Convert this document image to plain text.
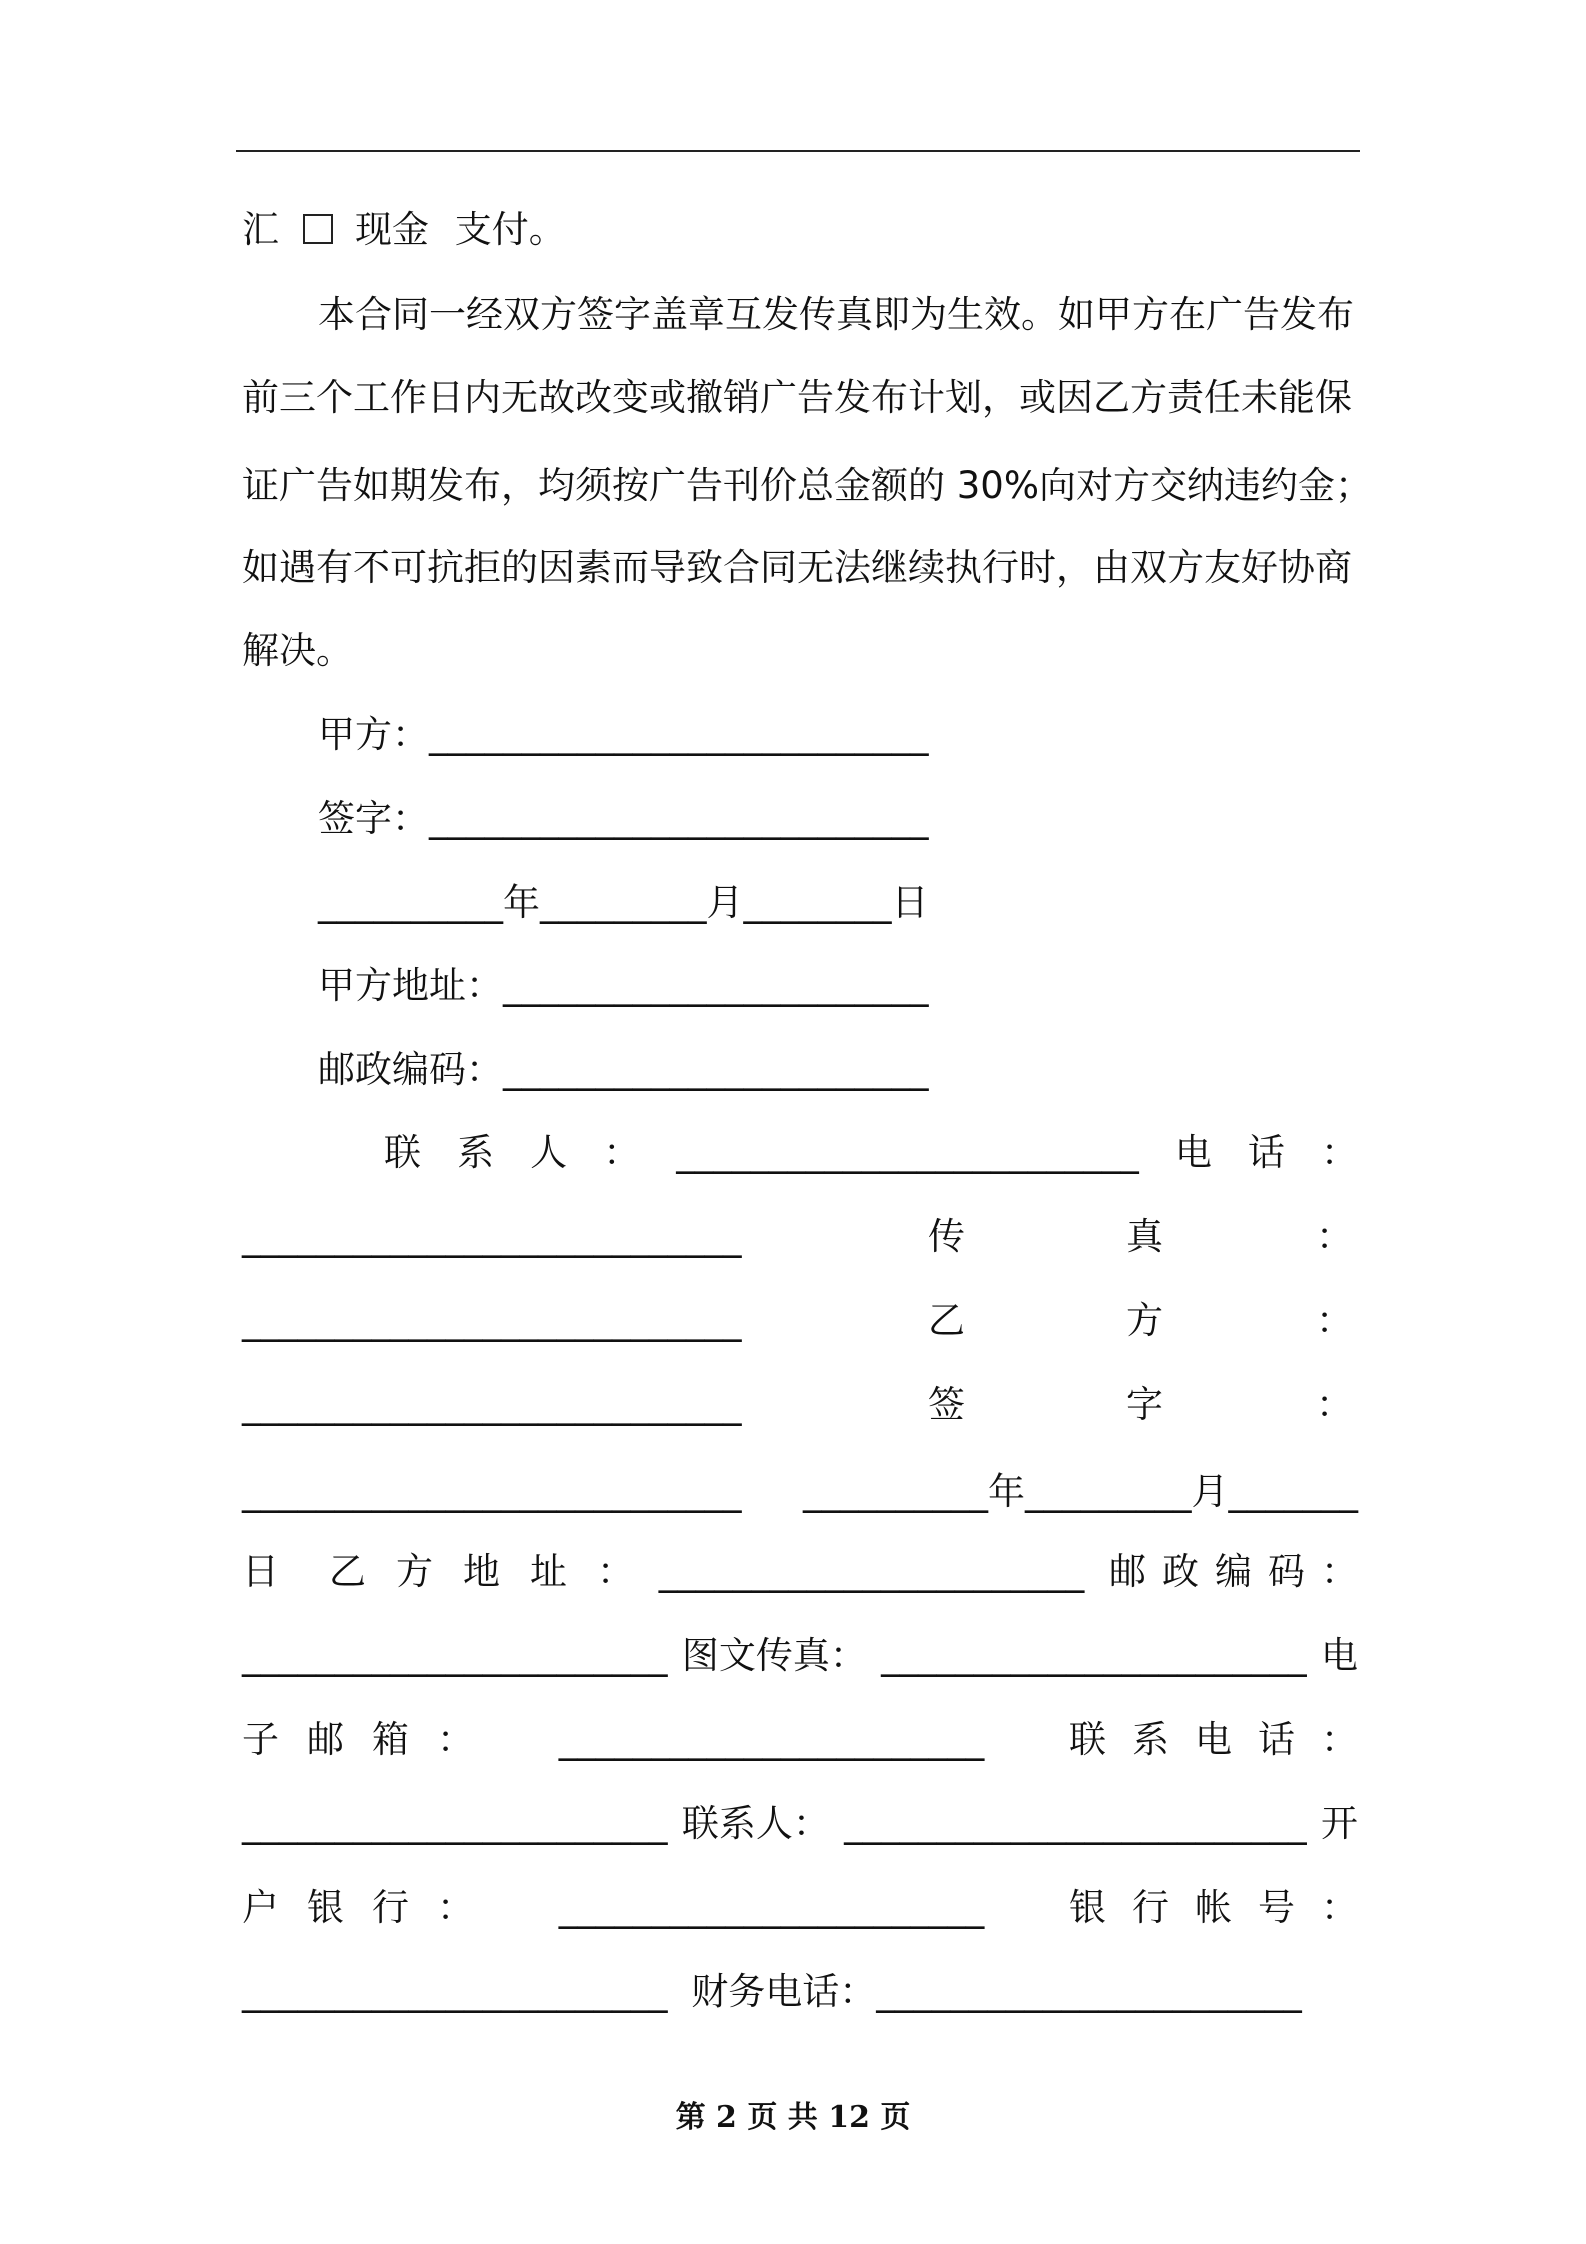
汇 现金 支付。
本合同一经双方签字盖章互发传真即为生效。如甲方在广告发布
前三个工作日内无故改变或撤销广告发布计划，或因乙方责任未能保
证广告如期发布，均须按广告刊价总金额的 30%向对方交纳违约金；
如遇有不可抗拒的因素而导致合同无法继续执行时，由双方友好协商
解决。
甲方：___________________________
签字：___________________________
__________年_________月________日
甲方地址：_______________________
邮政编码：_______________________
联 系 人 ： _________________________ 电 话 ：
___________________________	传	真	：
___________________________	乙	方	：
___________________________	签	字	：
___________________________ __________年_________月_______
日 乙 方 地 址 ： _______________________ 邮 政 编 码 ：
_______________________ 图文传真： _______________________ 电
子 邮 箱 ： _______________________ 联 系 电 话 ：
_______________________ 联系人： _________________________ 开
户 银 行 ： _______________________ 银 行 帐 号 ：
_______________________ 财务电话：_______________________
第 2 页 共 12 页
